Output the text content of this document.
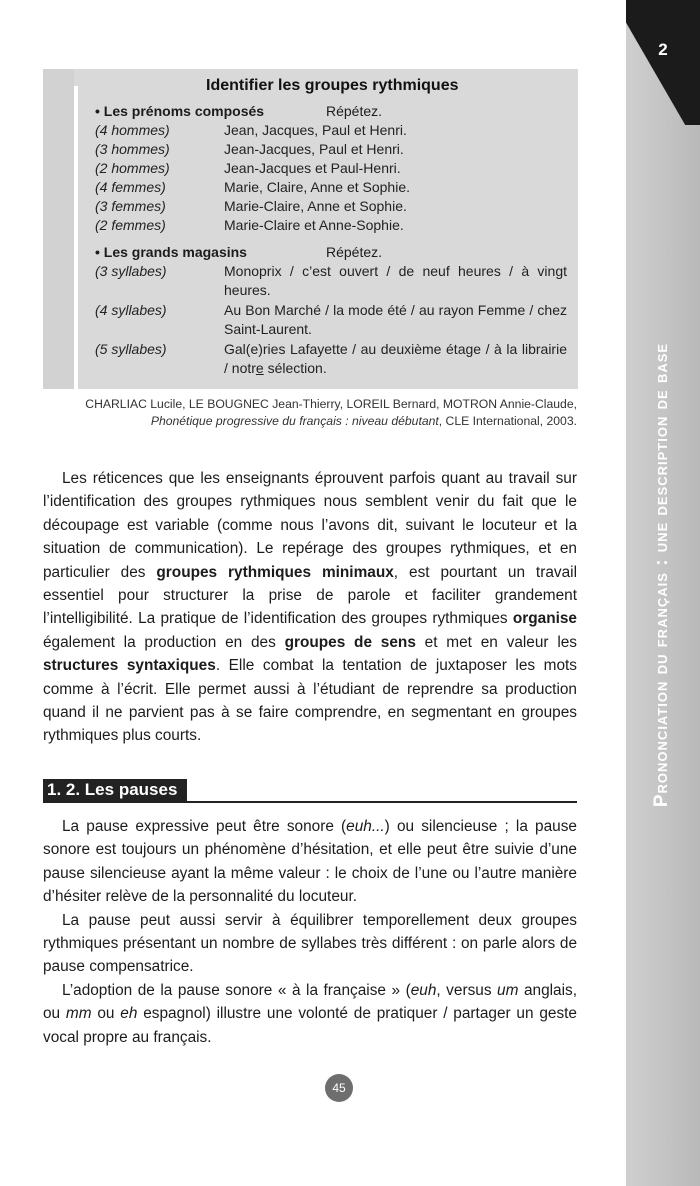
2
Prononciation du français : une description de base
Identifier les groupes rythmiques
• Les prénoms composés	Répétez.
(4 hommes)	Jean, Jacques, Paul et Henri.
(3 hommes)	Jean-Jacques, Paul et Henri.
(2 hommes)	Jean-Jacques et Paul-Henri.
(4 femmes)	Marie, Claire, Anne et Sophie.
(3 femmes)	Marie-Claire, Anne et Sophie.
(2 femmes)	Marie-Claire et Anne-Sophie.
• Les grands magasins	Répétez.
(3 syllabes)	Monoprix / c’est ouvert / de neuf heures / à vingt heures.
(4 syllabes)	Au Bon Marché / la mode été / au rayon Femme / chez Saint-Laurent.
(5 syllabes)	Gal(e)ries Lafayette / au deuxième étage / à la librairie / notre sélection.
CHARLIAC Lucile, LE BOUGNEC Jean-Thierry, LOREIL Bernard, MOTRON Annie-Claude, Phonétique progressive du français : niveau débutant, CLE International, 2003.

Les réticences que les enseignants éprouvent parfois quant au travail sur l’identification des groupes rythmiques nous semblent venir du fait que le découpage est variable (comme nous l’avons dit, suivant le locuteur et la situation de communication). Le repérage des groupes rythmiques, et en particulier des groupes rythmiques minimaux, est pourtant un travail essentiel pour structurer la prise de parole et faciliter grandement l’intelligibilité. La pratique de l’identification des groupes rythmiques organise également la production en des groupes de sens et met en valeur les structures syntaxiques. Elle combat la tentation de juxtaposer les mots comme à l’écrit. Elle permet aussi à l’étudiant de reprendre sa production quand il ne parvient pas à se faire comprendre, en segmentant en groupes rythmiques plus courts.

1. 2. Les pauses

La pause expressive peut être sonore (euh...) ou silencieuse ; la pause sonore est toujours un phénomène d’hésitation, et elle peut être suivie d’une pause silencieuse ayant la même valeur : le choix de l’une ou l’autre manière d’hésiter relève de la personnalité du locuteur.

La pause peut aussi servir à équilibrer temporellement deux groupes rythmiques présentant un nombre de syllabes très différent : on parle alors de pause compensatrice.

L’adoption de la pause sonore « à la française » (euh, versus um anglais, ou mm ou eh espagnol) illustre une volonté de pratiquer / partager un geste vocal propre au français.

45
